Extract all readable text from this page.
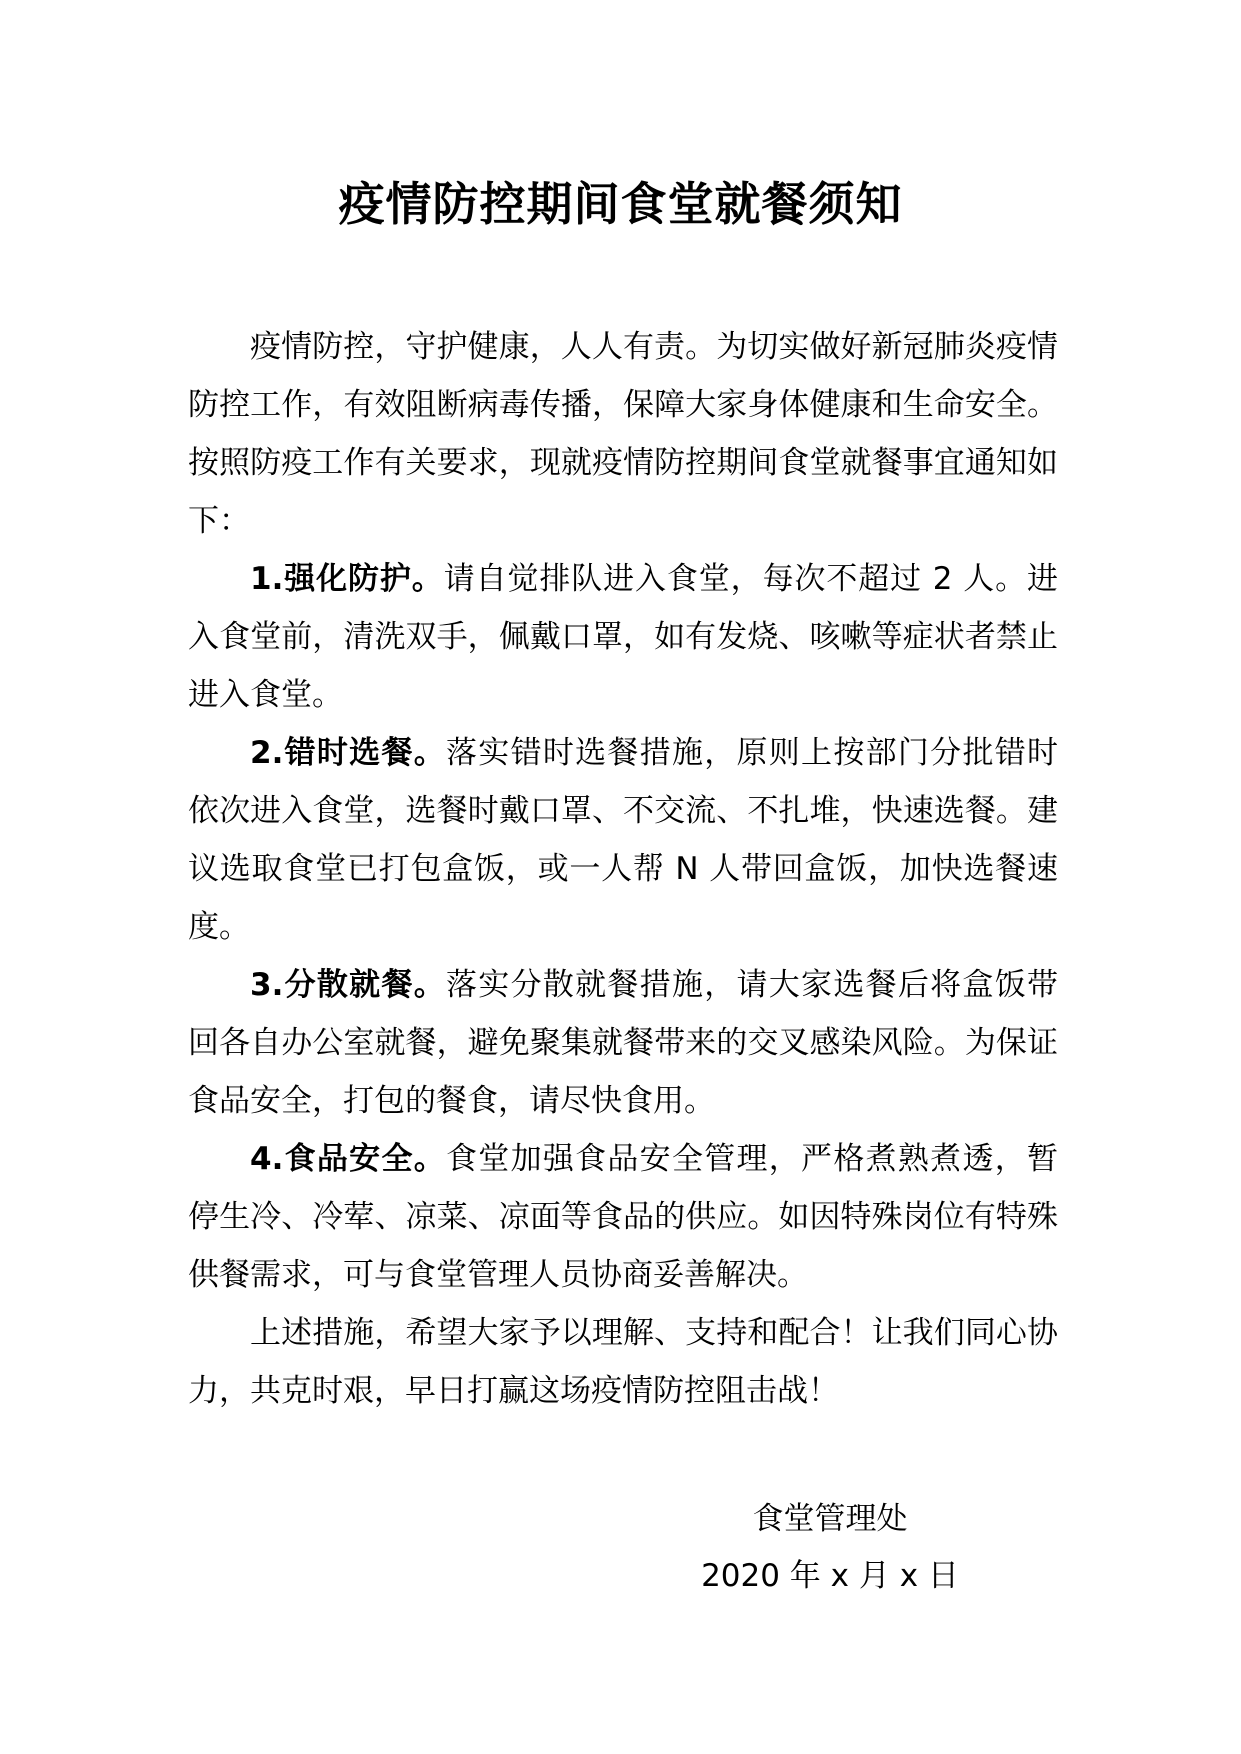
疫情防控期间食堂就餐须知

疫情防控，守护健康，人人有责。为切实做好新冠肺炎疫情防控工作，有效阻断病毒传播，保障大家身体健康和生命安全。按照防疫工作有关要求，现就疫情防控期间食堂就餐事宜通知如下：

1.强化防护。请自觉排队进入食堂，每次不超过 2 人。进入食堂前，清洗双手，佩戴口罩，如有发烧、咳嗽等症状者禁止进入食堂。

2.错时选餐。落实错时选餐措施，原则上按部门分批错时依次进入食堂，选餐时戴口罩、不交流、不扎堆，快速选餐。建议选取食堂已打包盒饭，或一人帮 N 人带回盒饭，加快选餐速度。

3.分散就餐。落实分散就餐措施，请大家选餐后将盒饭带回各自办公室就餐，避免聚集就餐带来的交叉感染风险。为保证食品安全，打包的餐食，请尽快食用。

4.食品安全。食堂加强食品安全管理，严格煮熟煮透，暂停生冷、冷荤、凉菜、凉面等食品的供应。如因特殊岗位有特殊供餐需求，可与食堂管理人员协商妥善解决。

上述措施，希望大家予以理解、支持和配合！让我们同心协力，共克时艰，早日打赢这场疫情防控阻击战！

食堂管理处
2020 年 x 月 x 日
